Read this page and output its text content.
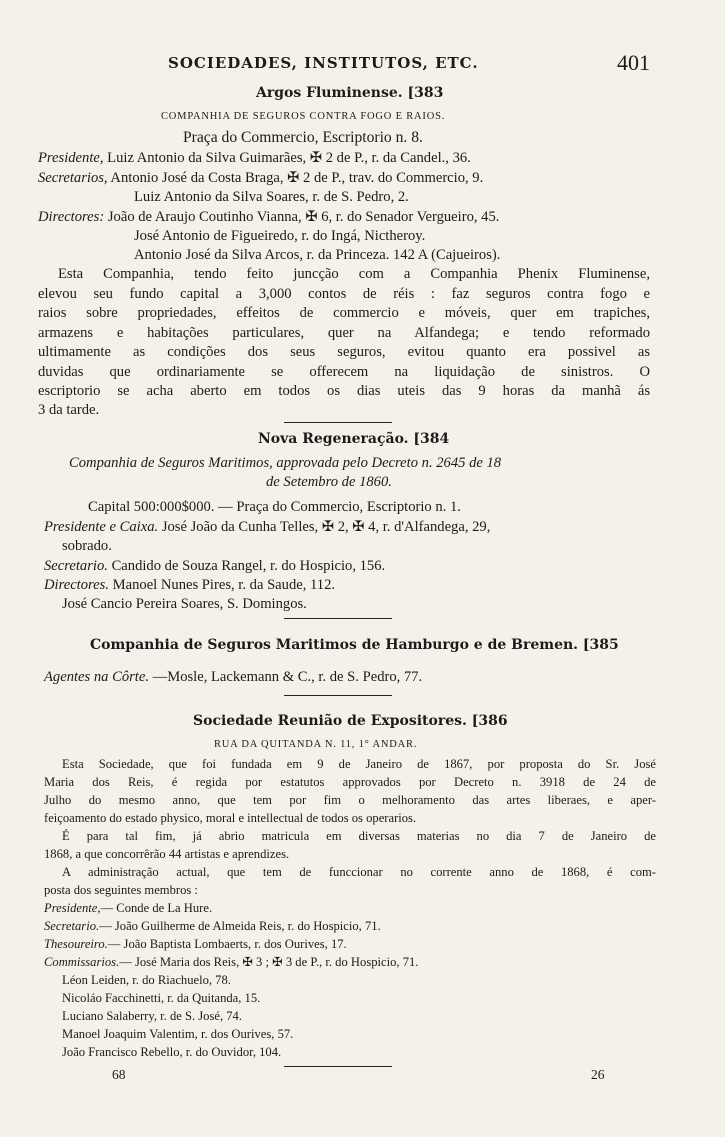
SOCIEDADES, INSTITUTOS, ETC.	401
Argos Fluminense. [383
COMPANHIA DE SEGUROS CONTRA FOGO E RAIOS.
Praça do Commercio, Escriptorio n. 8.
Presidente, Luiz Antonio da Silva Guimarães, ✠ 2 de P., r. da Candel., 36.
Secretarios, Antonio José da Costa Braga, ✠ 2 de P., trav. do Commercio, 9.
Luiz Antonio da Silva Soares, r. de S. Pedro, 2.
Directores: João de Araujo Coutinho Vianna, ✠ 6, r. do Senador Vergueiro, 45.
José Antonio de Figueiredo, r. do Ingá, Nictheroy.
Antonio José da Silva Arcos, r. da Princeza. 142 A (Cajueiros).
Esta Companhia, tendo feito juncção com a Companhia Phenix Fluminense,
elevou seu fundo capital a 3,000 contos de réis : faz seguros contra fogo e
raios sobre propriedades, effeitos de commercio e móveis, quer em trapiches,
armazens e habitações particulares, quer na Alfandega; e tendo reformado
ultimamente as condições dos seus seguros, evitou quanto era possivel as
duvidas que ordinariamente se offerecem na liquidação de sinistros. O
escriptorio se acha aberto em todos os dias uteis das 9 horas da manhã ás
3 da tarde.
Nova Regeneração. [384
Companhia de Seguros Maritimos, approvada pelo Decreto n. 2645 de 18
de Setembro de 1860.
Capital 500:000$000. — Praça do Commercio, Escriptorio n. 1.
Presidente e Caixa. José João da Cunha Telles, ✠ 2, ✠ 4, r. d'Alfandega, 29,
sobrado.
Secretario. Candido de Souza Rangel, r. do Hospicio, 156.
Directores. Manoel Nunes Pires, r. da Saude, 112.
José Cancio Pereira Soares, S. Domingos.
Companhia de Seguros Maritimos de Hamburgo e de Bremen. [385
Agentes na Côrte. —Mosle, Lackemann & C., r. de S. Pedro, 77.
Sociedade Reunião de Expositores. [386
RUA DA QUITANDA N. 11, 1° ANDAR.
Esta Sociedade, que foi fundada em 9 de Janeiro de 1867, por proposta do Sr. José
Maria dos Reis, é regida por estatutos approvados por Decreto n. 3918 de 24 de
Julho do mesmo anno, que tem por fim o melhoramento das artes liberaes, e aper-
feiçoamento do estado physico, moral e intellectual de todos os operarios.
É para tal fim, já abrio matricula em diversas materias no dia 7 de Janeiro de
1868, a que concorrêrão 44 artistas e aprendizes.
A administração actual, que tem de funccionar no corrente anno de 1868, é com-
posta dos seguintes membros :
Presidente,— Conde de La Hure.
Secretario.— João Guilherme de Almeida Reis, r. do Hospicio, 71.
Thesoureiro.— João Baptista Lombaerts, r. dos Ourives, 17.
Commissarios.— José Maria dos Reis, ✠ 3 ; ✠ 3 de P., r. do Hospicio, 71.
Léon Leiden, r. do Riachuelo, 78.
Nicoláo Facchinetti, r. da Quitanda, 15.
Luciano Salaberry, r. de S. José, 74.
Manoel Joaquim Valentim, r. dos Ourives, 57.
João Francisco Rebello, r. do Ouvidor, 104.
68	26
